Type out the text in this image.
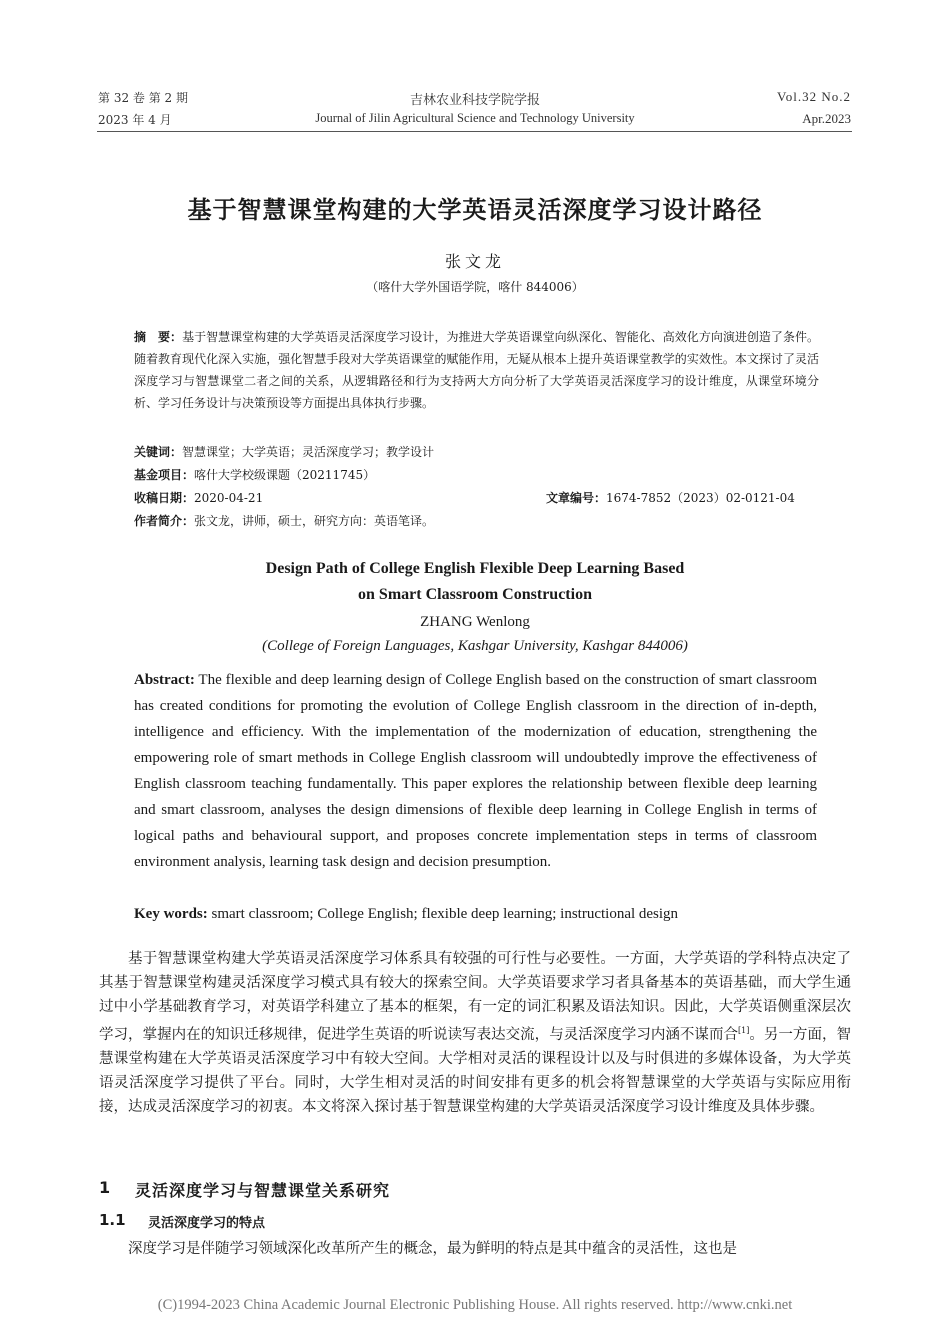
第 32 卷 第 2 期
2023 年 4 月
吉林农业科技学院学报
Journal of Jilin Agricultural Science and Technology University
Vol.32 No.2
Apr.2023
基于智慧课堂构建的大学英语灵活深度学习设计路径
张文龙
（喀什大学外国语学院，喀什 844006）
摘　要：基于智慧课堂构建的大学英语灵活深度学习设计，为推进大学英语课堂向纵深化、智能化、高效化方向演进创造了条件。随着教育现代化深入实施，强化智慧手段对大学英语课堂的赋能作用，无疑从根本上提升英语课堂教学的实效性。本文探讨了灵活深度学习与智慧课堂二者之间的关系，从逻辑路径和行为支持两大方向分析了大学英语灵活深度学习的设计维度，从课堂环境分析、学习任务设计与决策预设等方面提出具体执行步骤。
关键词：智慧课堂；大学英语；灵活深度学习；教学设计
基金项目：喀什大学校级课题（20211745）
收稿日期：2020-04-21	文章编号：1674-7852（2023）02-0121-04
作者简介：张文龙，讲师，硕士，研究方向：英语笔译。
Design Path of College English Flexible Deep Learning Based
on Smart Classroom Construction
ZHANG Wenlong
(College of Foreign Languages, Kashgar University, Kashgar 844006)
Abstract: The flexible and deep learning design of College English based on the construction of smart classroom has created conditions for promoting the evolution of College English classroom in the direction of in-depth, intelligence and efficiency. With the implementation of the modernization of education, strengthening the empowering role of smart methods in College English classroom will undoubtedly improve the effectiveness of English classroom teaching fundamentally. This paper explores the relationship between flexible deep learning and smart classroom, analyses the design dimensions of flexible deep learning in College English in terms of logical paths and behavioural support, and proposes concrete implementation steps in terms of classroom environment analysis, learning task design and decision presumption.
Key words: smart classroom; College English; flexible deep learning; instructional design

基于智慧课堂构建大学英语灵活深度学习体系具有较强的可行性与必要性。一方面，大学英语的学科特点决定了其基于智慧课堂构建灵活深度学习模式具有较大的探索空间。大学英语要求学习者具备基本的英语基础，而大学生通过中小学基础教育学习，对英语学科建立了基本的框架，有一定的词汇积累及语法知识。因此，大学英语侧重深层次学习，掌握内在的知识迁移规律，促进学生英语的听说读写表达交流，与灵活深度学习内涵不谋而合[1]。另一方面，智慧课堂构建在大学英语灵活深度学习中有较大空间。大学相对灵活的课程设计以及与时俱进的多媒体设备，为大学英语灵活深度学习提供了平台。同时，大学生相对灵活的时间安排有更多的机会将智慧课堂的大学英语与实际应用衔接，达成灵活深度学习的初衷。本文将深入探讨基于智慧课堂构建的大学英语灵活深度学习设计维度及具体步骤。

1 灵活深度学习与智慧课堂关系研究
1.1 灵活深度学习的特点

深度学习是伴随学习领域深化改革所产生的概念，最为鲜明的特点是其中蕴含的灵活性，这也是

(C)1994-2023 China Academic Journal Electronic Publishing House. All rights reserved. http://www.cnki.net
